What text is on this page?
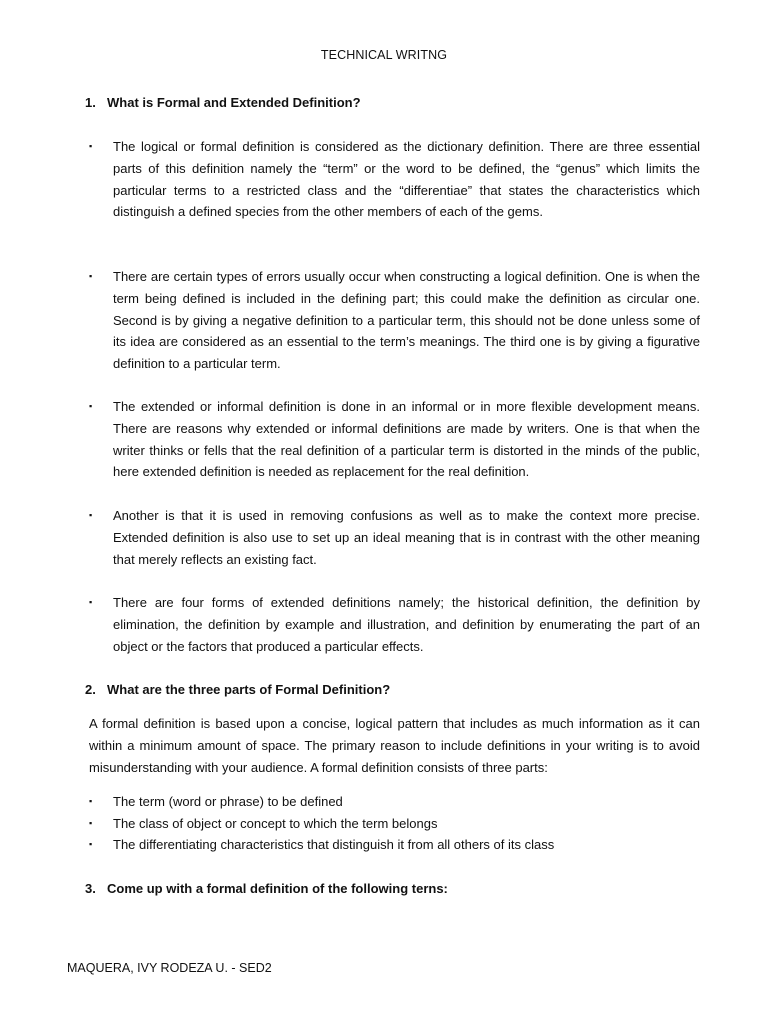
TECHNICAL WRITNG
1. What is Formal and Extended Definition?
▪ The logical or formal definition is considered as the dictionary definition. There are three essential parts of this definition namely the “term” or the word to be defined, the “genus” which limits the particular terms to a restricted class and the “differentiae” that states the characteristics which distinguish a defined species from the other members of each of the gems.
▪ There are certain types of errors usually occur when constructing a logical definition. One is when the term being defined is included in the defining part; this could make the definition as circular one. Second is by giving a negative definition to a particular term, this should not be done unless some of its idea are considered as an essential to the term’s meanings. The third one is by giving a figurative definition to a particular term.
▪ The extended or informal definition is done in an informal or in more flexible development means. There are reasons why extended or informal definitions are made by writers. One is that when the writer thinks or fells that the real definition of a particular term is distorted in the minds of the public, here extended definition is needed as replacement for the real definition.
▪ Another is that it is used in removing confusions as well as to make the context more precise. Extended definition is also use to set up an ideal meaning that is in contrast with the other meaning that merely reflects an existing fact.
▪ There are four forms of extended definitions namely; the historical definition, the definition by elimination, the definition by example and illustration, and definition by enumerating the part of an object or the factors that produced a particular effects.
2. What are the three parts of Formal Definition?

A formal definition is based upon a concise, logical pattern that includes as much information as it can within a minimum amount of space. The primary reason to include definitions in your writing is to avoid misunderstanding with your audience. A formal definition consists of three parts:

▪ The term (word or phrase) to be defined
▪ The class of object or concept to which the term belongs
▪ The differentiating characteristics that distinguish it from all others of its class
3. Come up with a formal definition of the following terns:
MAQUERA, IVY RODEZA U. - SED2
